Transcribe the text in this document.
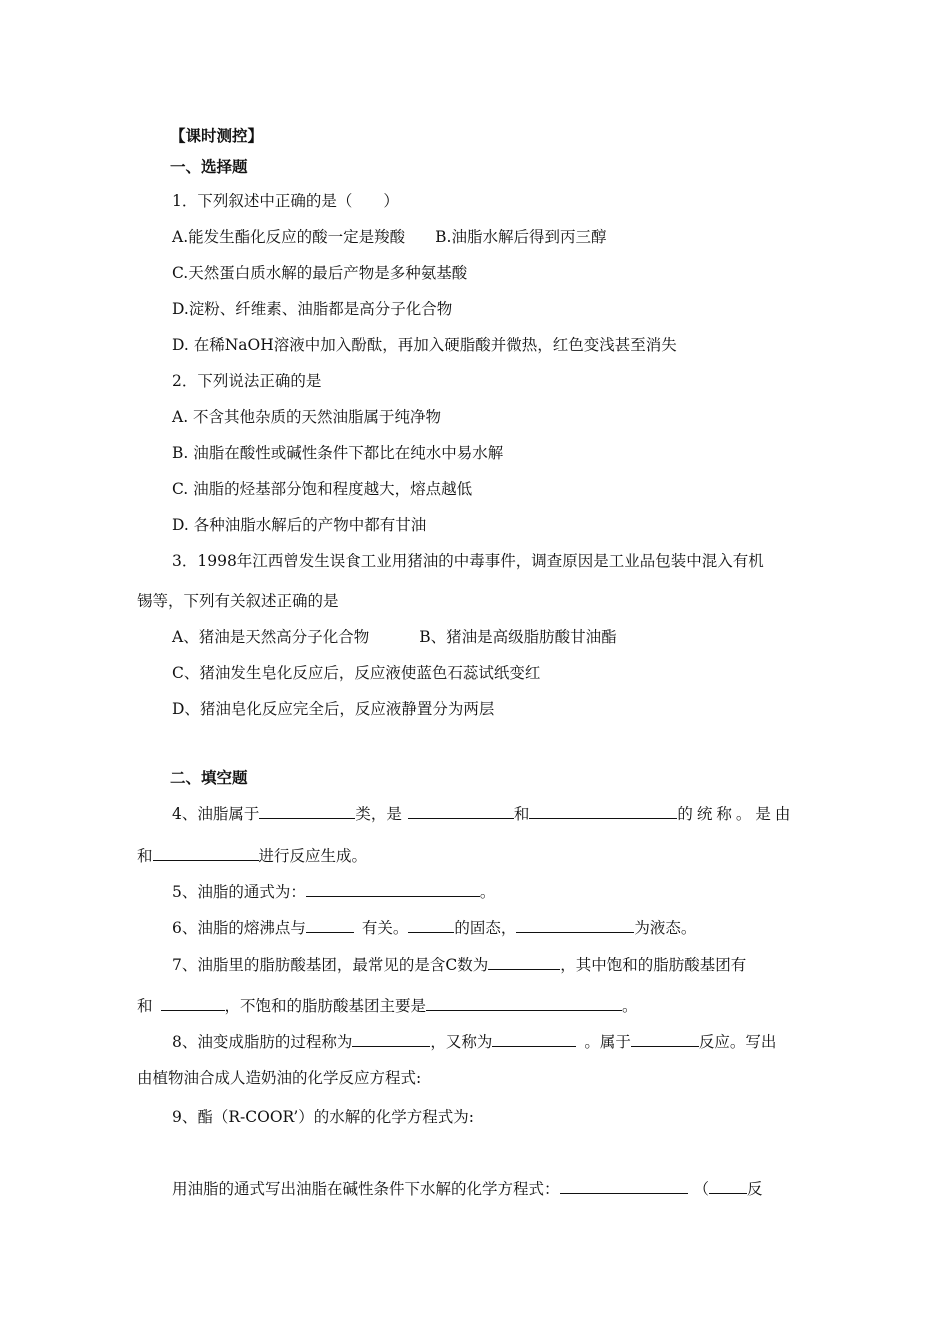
【课时测控】
一、选择题
1．下列叙述中正确的是（　　）
A.能发生酯化反应的酸一定是羧酸 B.油脂水解后得到丙三醇
C.天然蛋白质水解的最后产物是多种氨基酸
D.淀粉、纤维素、油脂都是高分子化合物
D. 在稀NaOH溶液中加入酚酞，再加入硬脂酸并微热，红色变浅甚至消失
2．下列说法正确的是
A. 不含其他杂质的天然油脂属于纯净物
B. 油脂在酸性或碱性条件下都比在纯水中易水解
C. 油脂的烃基部分饱和程度越大，熔点越低
D. 各种油脂水解后的产物中都有甘油
3．1998年江西曾发生误食工业用猪油的中毒事件，调查原因是工业品包装中混入有机
锡等，下列有关叙述正确的是
A、猪油是天然高分子化合物	B、猪油是高级脂肪酸甘油酯
C、猪油发生皂化反应后，反应液使蓝色石蕊试纸变红
D、猪油皂化反应完全后，反应液静置分为两层
二、填空题
4、油脂属于	类，是	和	的统称。是由
和	进行反应生成。
5、油脂的通式为：	。
6、油脂的熔沸点与	有关。	的固态，	为液态。
7、油脂里的脂肪酸基团，最常见的是含C数为	，其中饱和的脂肪酸基团有
和	，不饱和的脂肪酸基团主要是	。
8、油变成脂肪的过程称为	，又称为	。属于	反应。写出
由植物油合成人造奶油的化学反应方程式:
9、酯（R-COOR’）的水解的化学方程式为:
用油脂的通式写出油脂在碱性条件下水解的化学方程式：	（ 反
